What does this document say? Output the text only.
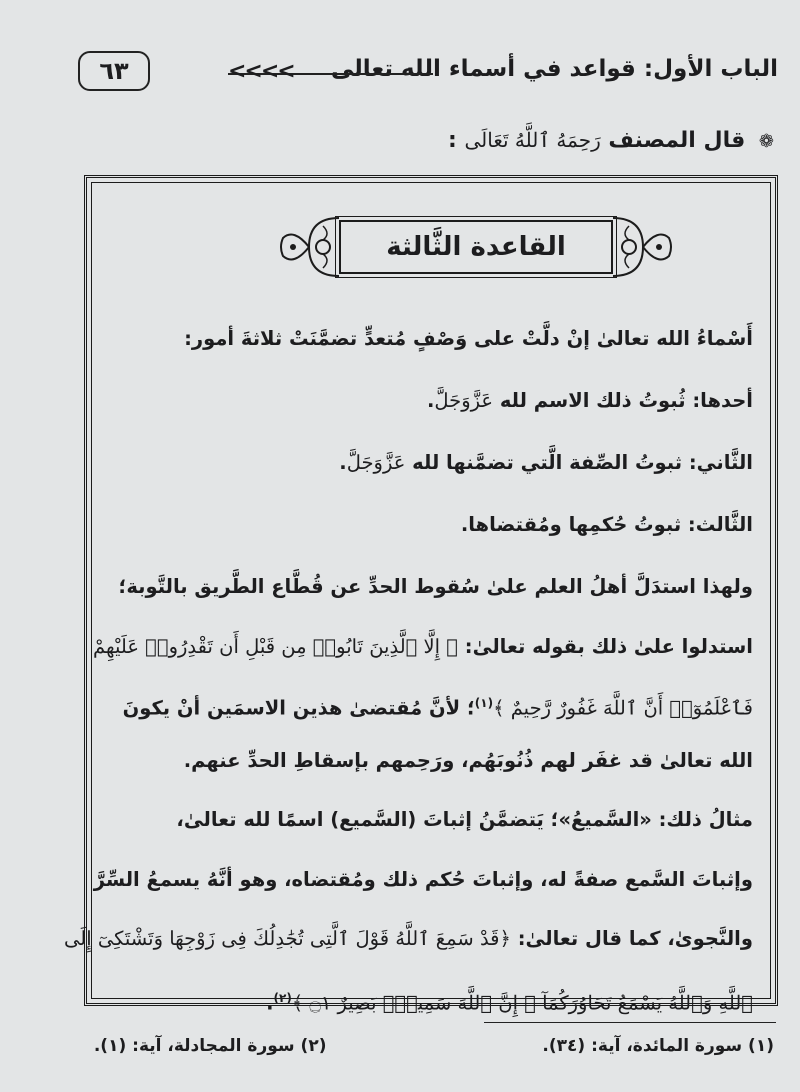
الباب الأول: قواعد في أسماء الله تعالى
<<<<
٦٣
❁ قال المصنف رَحِمَهُ ٱللَّهُ تَعَالَى :
القاعدة الثَّالثة
أَسْماءُ الله تعالىٰ إنْ دلَّتْ على وَصْفٍ مُتعدٍّ تضمَّنَتْ ثلاثةَ أمور:
أحدها: ثُبوتُ ذلك الاسم لله عَزَّوَجَلَّ.
الثَّاني: ثبوتُ الصِّفة الَّتي تضمَّنها لله عَزَّوَجَلَّ.
الثَّالث: ثبوتُ حُكمِها ومُقتضاها.
ولهذا استدَلَّ أهلُ العلم علىٰ سُقوط الحدِّ عن قُطَّاع الطَّريق بالتَّوبة؛
استدلوا علىٰ ذلك بقوله تعالىٰ: ﴿ إِلَّا ٱلَّذِينَ تَابُوا۟ مِن قَبْلِ أَن تَقْدِرُوا۟ عَلَيْهِمْ
فَٱعْلَمُوٓا۟ أَنَّ ٱللَّهَ غَفُورٌ رَّحِيمٌ ﴾$^{(١)}$؛ لأنَّ مُقتضىٰ هذين الاسمَين أنْ يكونَ
الله تعالىٰ قد غفَر لهم ذُنُوبَهُم، ورَحِمهم بإسقاطِ الحدِّ عنهم.
مثالُ ذلك: «السَّميعُ»؛ يَتضمَّنُ إثباتَ (السَّميع) اسمًا لله تعالىٰ،
وإثباتَ السَّمع صفةً له، وإثباتَ حُكم ذلك ومُقتضاه، وهو أنَّهُ يسمعُ السِّرَّ
والنَّجوىٰ، كما قال تعالىٰ: ﴿قَدْ سَمِعَ ٱللَّهُ قَوْلَ ٱلَّتِى تُجَٰدِلُكَ فِى زَوْجِهَا وَتَشْتَكِىٓ إِلَى
ٱللَّهِ وَٱللَّهُ يَسْمَعُ تَحَاوُرَكُمَآ ۚ إِنَّ ٱللَّهَ سَمِيعٌۢ بَصِيرٌ ۝١ ﴾$^{(٢)}$.
(١) سورة المائدة، آية: (٣٤). (٢) سورة المجادلة، آية: (١).
